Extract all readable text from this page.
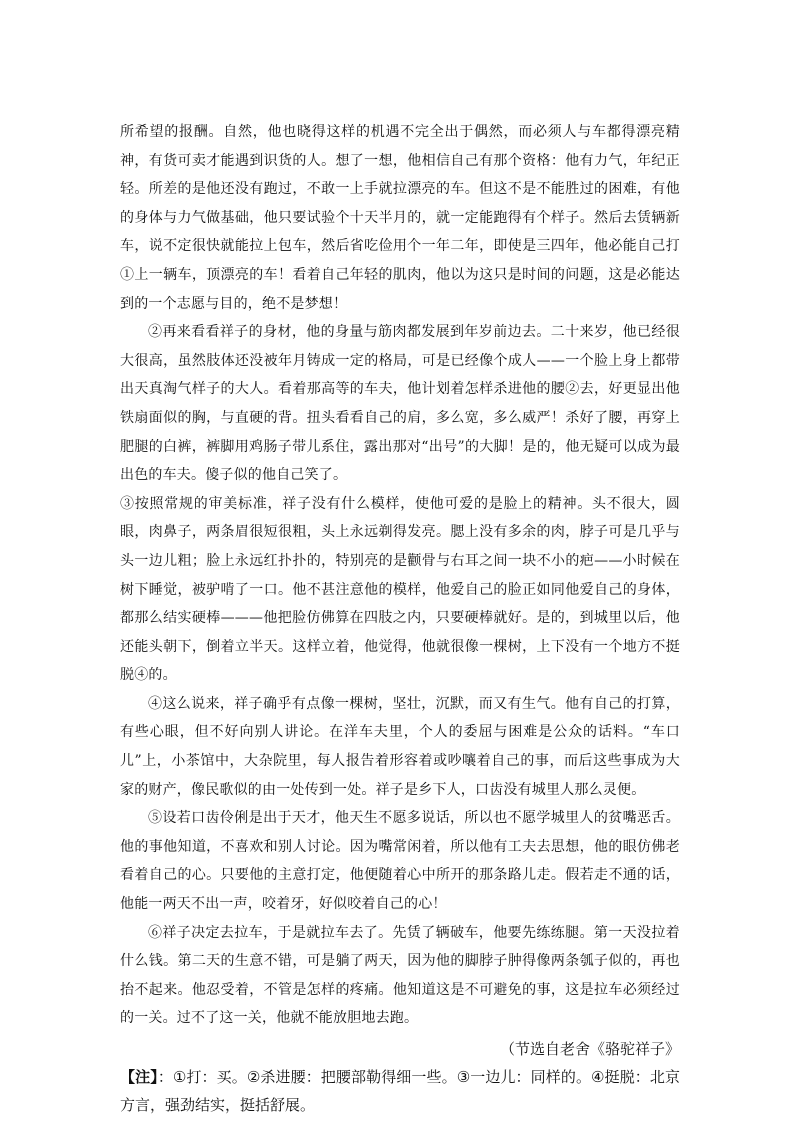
所希望的报酬。自然，他也晓得这样的机遇不完全出于偶然，而必须人与车都得漂亮精神，有货可卖才能遇到识货的人。想了一想，他相信自己有那个资格：他有力气，年纪正轻。所差的是他还没有跑过，不敢一上手就拉漂亮的车。但这不是不能胜过的困难，有他的身体与力气做基础，他只要试验个十天半月的，就一定能跑得有个样子。然后去赁辆新车，说不定很快就能拉上包车，然后省吃俭用个一年二年，即使是三四年，他必能自己打①上一辆车，顶漂亮的车！看着自己年轻的肌肉，他以为这只是时间的问题，这是必能达到的一个志愿与目的，绝不是梦想！

②再来看看祥子的身材，他的身量与筋肉都发展到年岁前边去。二十来岁，他已经很大很高，虽然肢体还没被年月铸成一定的格局，可是已经像个成人——一个脸上身上都带出天真淘气样子的大人。看着那高等的车夫，他计划着怎样杀进他的腰②去，好更显出他铁扇面似的胸，与直硬的背。扭头看看自己的肩，多么宽，多么威严！杀好了腰，再穿上肥腿的白裤，裤脚用鸡肠子带儿系住，露出那对“出号”的大脚！是的，他无疑可以成为最出色的车夫。傻子似的他自己笑了。

③按照常规的审美标准，祥子没有什么模样，使他可爱的是脸上的精神。头不很大，圆眼，肉鼻子，两条眉很短很粗，头上永远剃得发亮。腮上没有多余的肉，脖子可是几乎与头一边儿粗；脸上永远红扑扑的，特别亮的是颧骨与右耳之间一块不小的疤——小时候在树下睡觉，被驴啃了一口。他不甚注意他的模样，他爱自己的脸正如同他爱自己的身体，都那么结实硬棒———他把脸仿佛算在四肢之内，只要硬棒就好。是的，到城里以后，他还能头朝下，倒着立半天。这样立着，他觉得，他就很像一棵树，上下没有一个地方不挺脱④的。

④这么说来，祥子确乎有点像一棵树，坚壮，沉默，而又有生气。他有自己的打算，有些心眼，但不好向别人讲论。在洋车夫里，个人的委屈与困难是公众的话料。“车口儿”上，小茶馆中，大杂院里，每人报告着形容着或吵嚷着自己的事，而后这些事成为大家的财产，像民歌似的由一处传到一处。祥子是乡下人，口齿没有城里人那么灵便。

⑤设若口齿伶俐是出于天才，他天生不愿多说话，所以也不愿学城里人的贫嘴恶舌。他的事他知道，不喜欢和别人讨论。因为嘴常闲着，所以他有工夫去思想，他的眼仿佛老看着自己的心。只要他的主意打定，他便随着心中所开的那条路儿走。假若走不通的话，他能一两天不出一声，咬着牙，好似咬着自己的心！

⑥祥子决定去拉车，于是就拉车去了。先赁了辆破车，他要先练练腿。第一天没拉着什么钱。第二天的生意不错，可是躺了两天，因为他的脚脖子肿得像两条瓠子似的，再也抬不起来。他忍受着，不管是怎样的疼痛。他知道这是不可避免的事，这是拉车必须经过的一关。过不了这一关，他就不能放胆地去跑。

（节选自老舍《骆驼祥子》

【注】：①打：买。②杀进腰：把腰部勒得细一些。③一边儿：同样的。④挺脱：北京方言，强劲结实，挺括舒展。
